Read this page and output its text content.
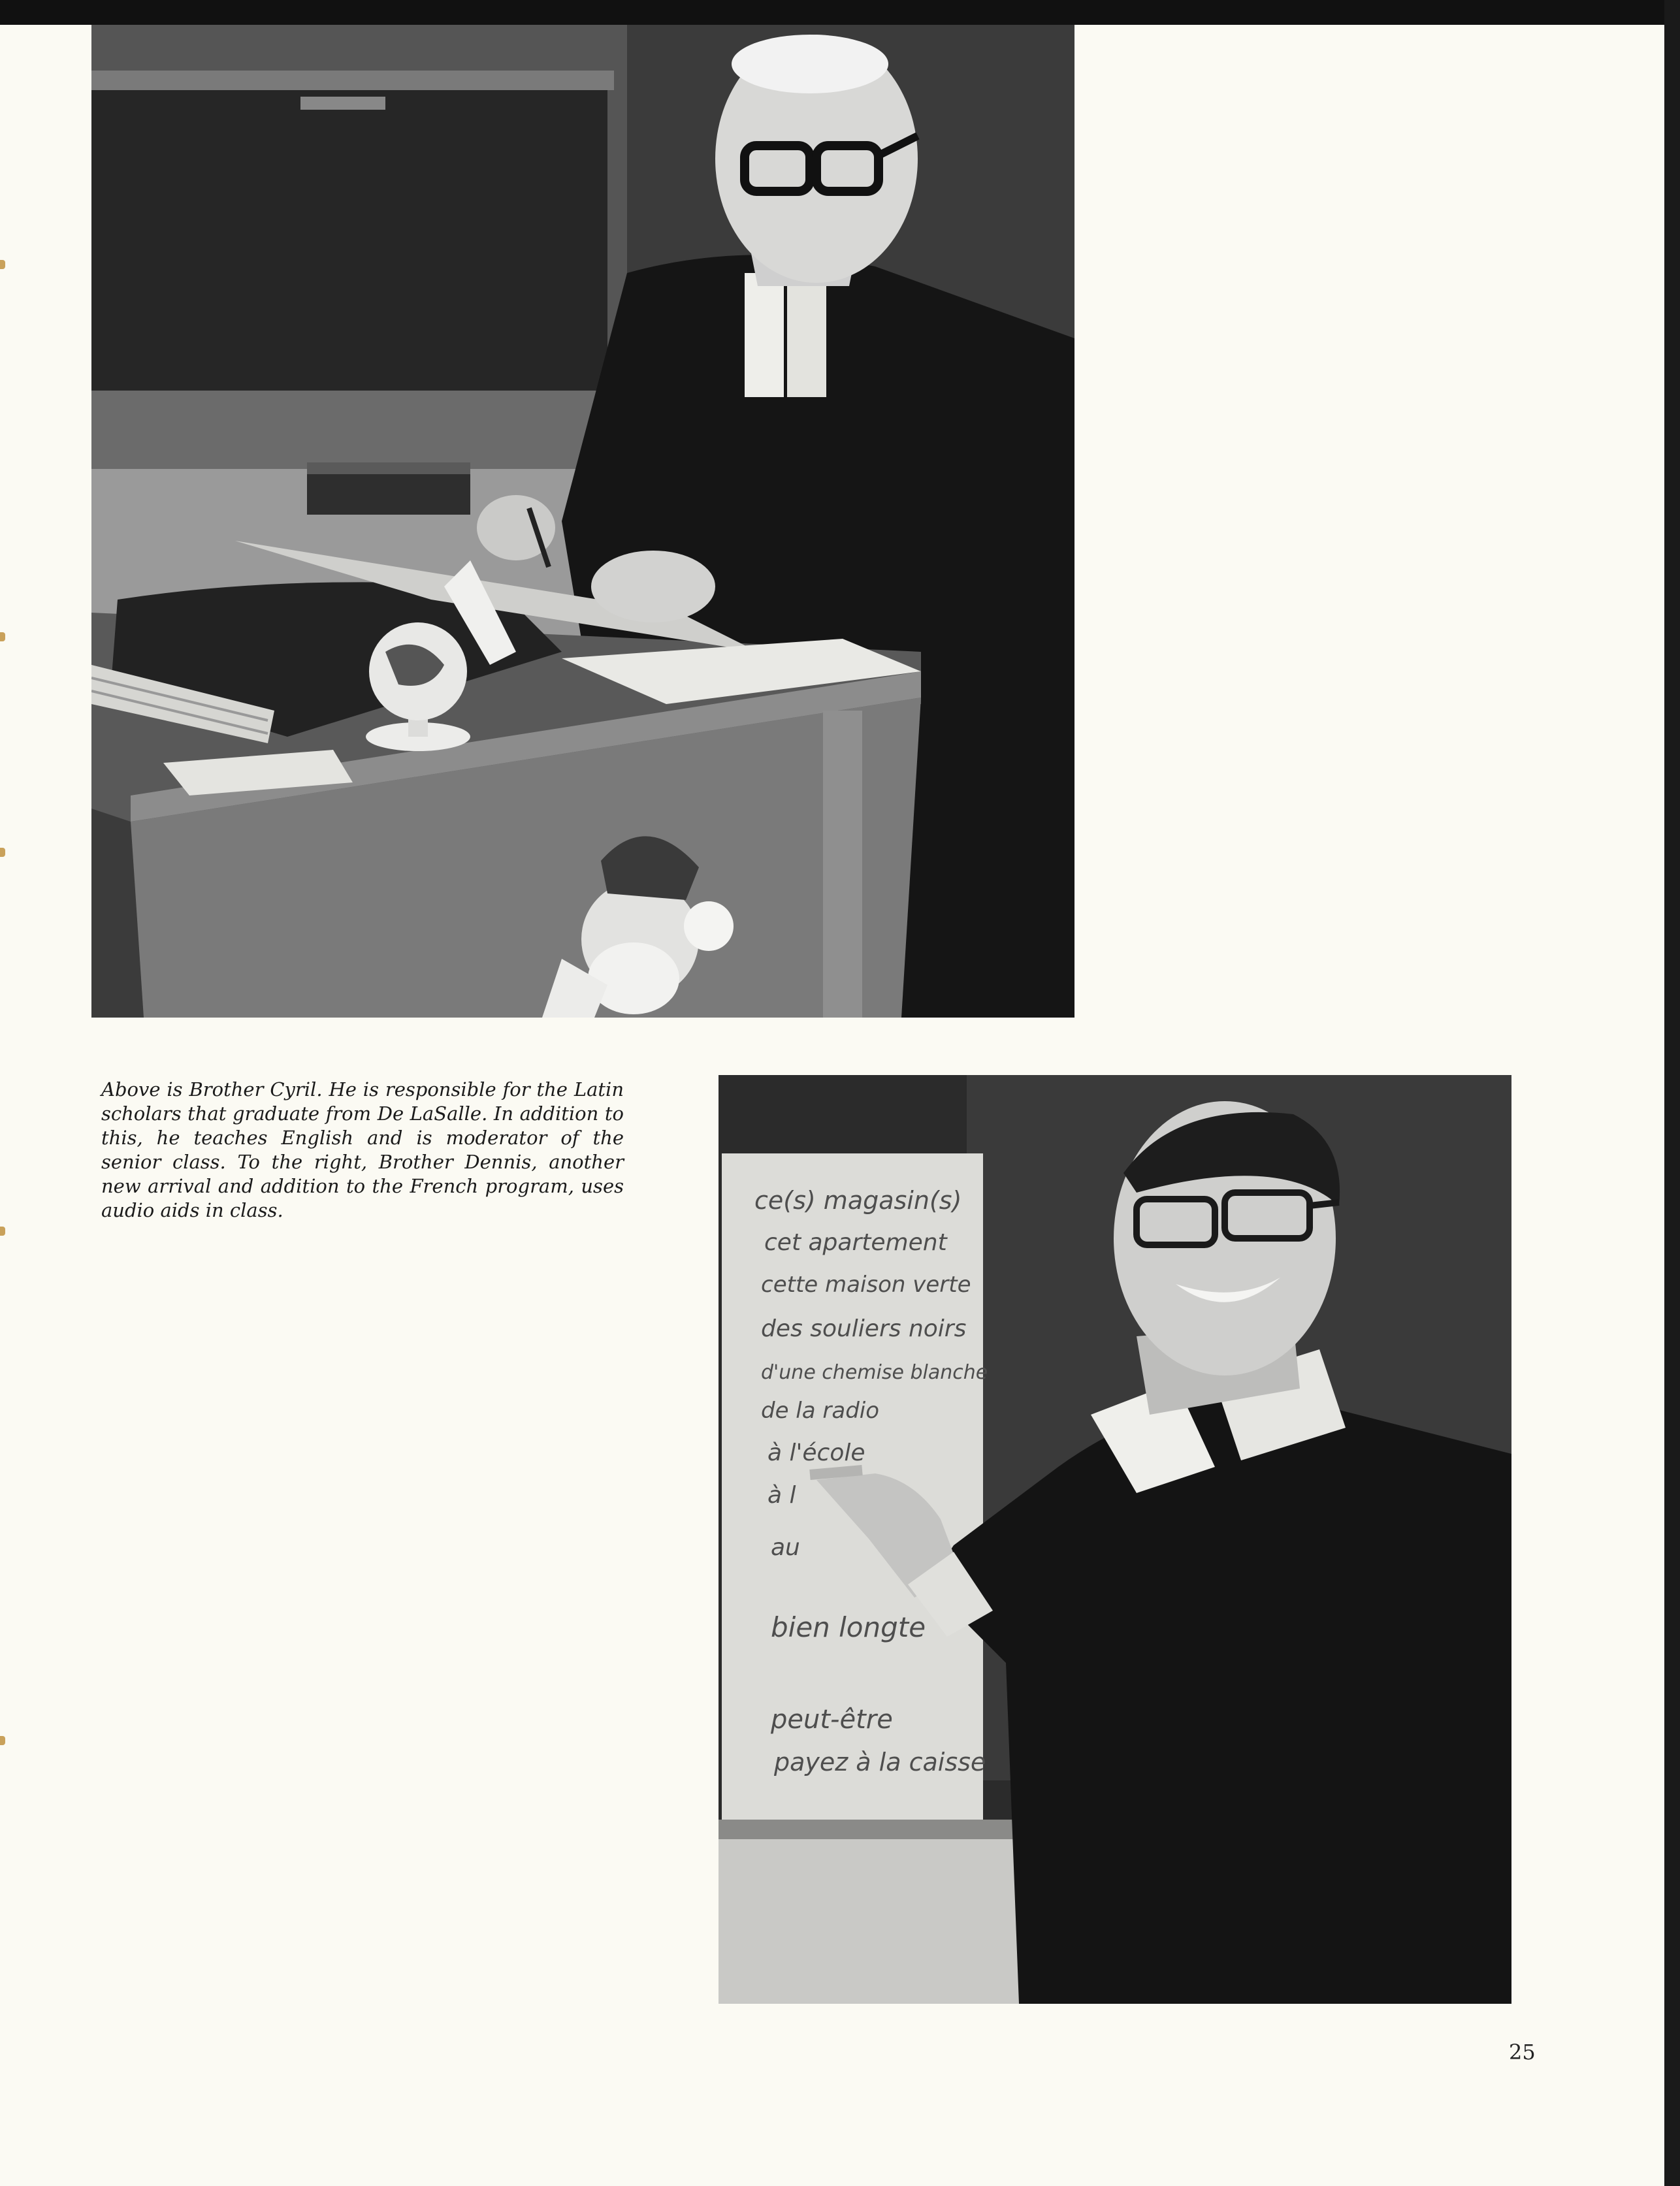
Above is Brother Cyril. He is responsible for the Latin scholars that graduate from De LaSalle. In addition to this, he teaches English and is moderator of the senior class. To the right, Brother Dennis, another new arrival and addition to the French program, uses audio aids in class.	ce(s) magasin(s)
cet apartement
cette maison verte
des souliers noirs
d'une chemise blanche
de la radio
à l'école
à l
au
bien longte
peut-être
payez à la caisse
25
